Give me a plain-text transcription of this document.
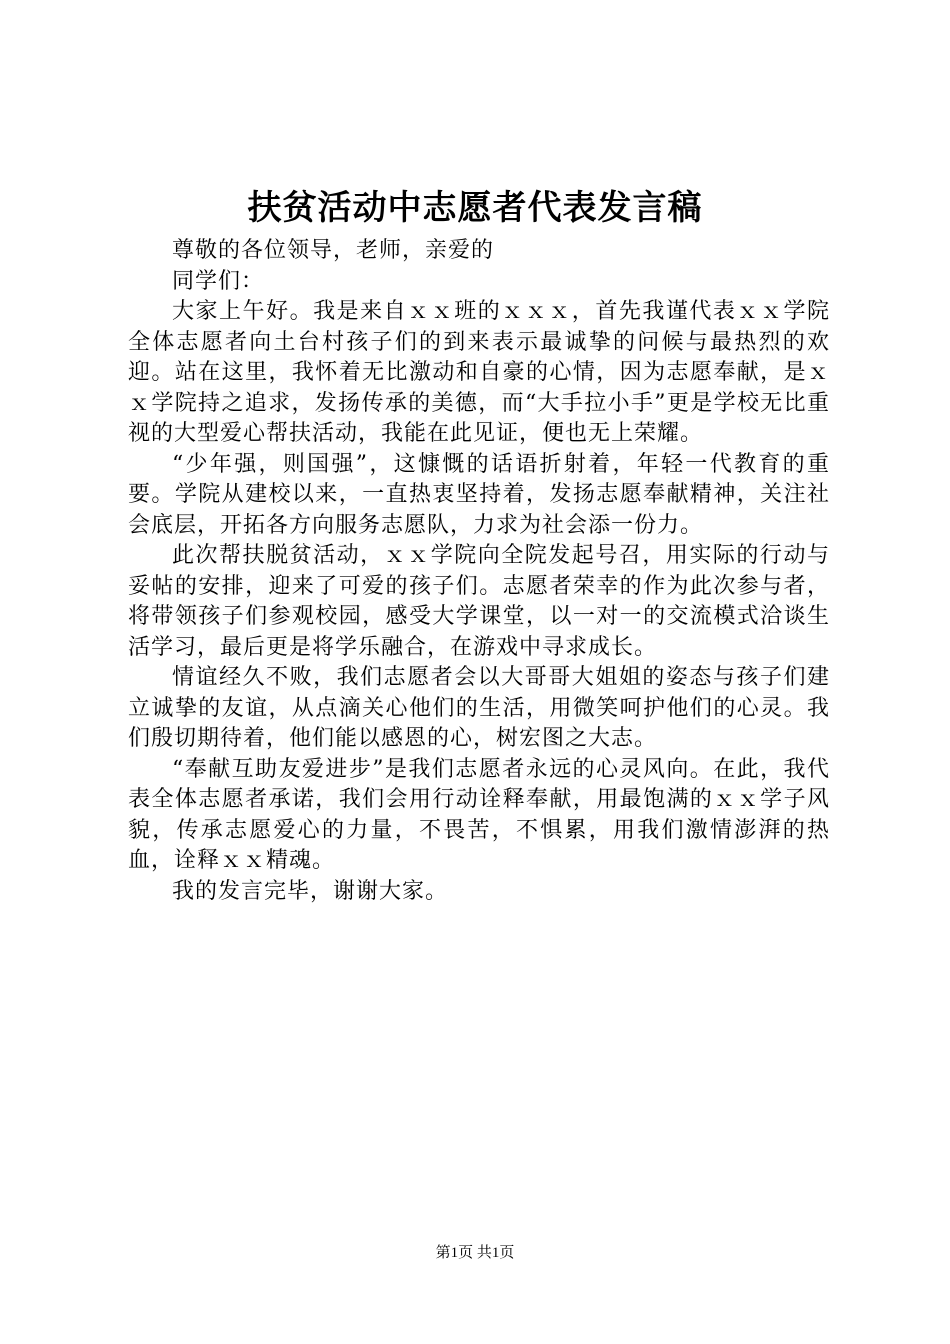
扶贫活动中志愿者代表发言稿

尊敬的各位领导，老师，亲爱的

同学们：

大家上午好。我是来自ｘｘ班的ｘｘｘ，首先我谨代表ｘｘ学院全体志愿者向土台村孩子们的到来表示最诚挚的问候与最热烈的欢迎。站在这里，我怀着无比激动和自豪的心情，因为志愿奉献，是ｘｘ学院持之追求，发扬传承的美德，而“大手拉小手”更是学校无比重视的大型爱心帮扶活动，我能在此见证，便也无上荣耀。

“少年强，则国强”，这慷慨的话语折射着，年轻一代教育的重要。学院从建校以来，一直热衷坚持着，发扬志愿奉献精神，关注社会底层，开拓各方向服务志愿队，力求为社会添一份力。

此次帮扶脱贫活动，ｘｘ学院向全院发起号召，用实际的行动与妥帖的安排，迎来了可爱的孩子们。志愿者荣幸的作为此次参与者，将带领孩子们参观校园，感受大学课堂，以一对一的交流模式洽谈生活学习，最后更是将学乐融合，在游戏中寻求成长。

情谊经久不败，我们志愿者会以大哥哥大姐姐的姿态与孩子们建立诚挚的友谊，从点滴关心他们的生活，用微笑呵护他们的心灵。我们殷切期待着，他们能以感恩的心，树宏图之大志。

“奉献互助友爱进步”是我们志愿者永远的心灵风向。在此，我代表全体志愿者承诺，我们会用行动诠释奉献，用最饱满的ｘｘ学子风貌，传承志愿爱心的力量，不畏苦，不惧累，用我们激情澎湃的热血，诠释ｘｘ精魂。

我的发言完毕，谢谢大家。

第1页 共1页
